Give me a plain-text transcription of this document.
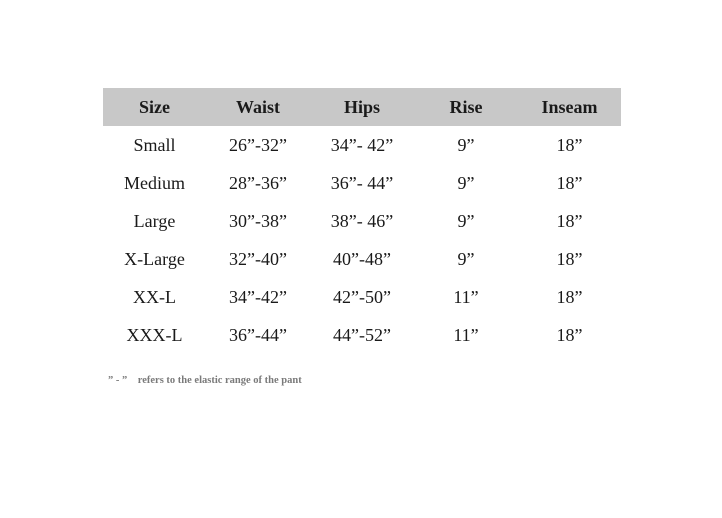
Size	Waist	Hips	Rise	Inseam
Small	26”-32”	34”- 42”	9”	18”
Medium	28”-36”	36”- 44”	9”	18”
Large	30”-38”	38”- 46”	9”	18”
X-Large	32”-40”	40”-48”	9”	18”
XX-L	34”-42”	42”-50”	11”	18”
XXX-L	36”-44”	44”-52”	11”	18”
” - ” refers to the elastic range of the pant
